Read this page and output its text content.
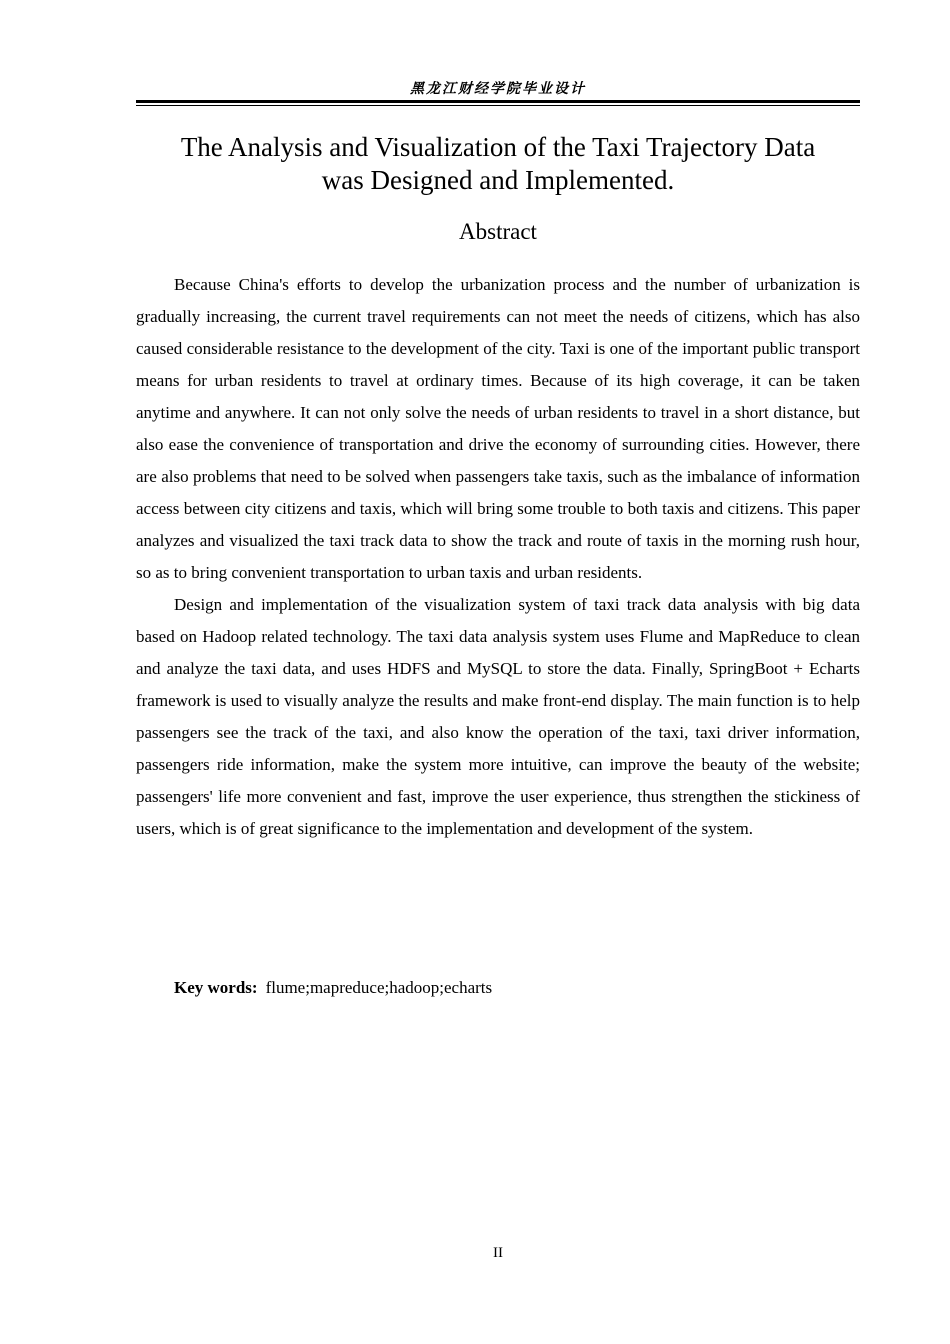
黑龙江财经学院毕业设计
The Analysis and Visualization of the Taxi Trajectory Data
was Designed and Implemented.
Abstract

Because China's efforts to develop the urbanization process and the number of urbanization is gradually increasing, the current travel requirements can not meet the needs of citizens, which has also caused considerable resistance to the development of the city. Taxi is one of the important public transport means for urban residents to travel at ordinary times. Because of its high coverage, it can be taken anytime and anywhere. It can not only solve the needs of urban residents to travel in a short distance, but also ease the convenience of transportation and drive the economy of surrounding cities. However, there are also problems that need to be solved when passengers take taxis, such as the imbalance of information access between city citizens and taxis, which will bring some trouble to both taxis and citizens. This paper analyzes and visualized the taxi track data to show the track and route of taxis in the morning rush hour, so as to bring convenient transportation to urban taxis and urban residents.

Design and implementation of the visualization system of taxi track data analysis with big data based on Hadoop related technology. The taxi data analysis system uses Flume and MapReduce to clean and analyze the taxi data, and uses HDFS and MySQL to store the data. Finally, SpringBoot + Echarts framework is used to visually analyze the results and make front-end display. The main function is to help passengers see the track of the taxi, and also know the operation of the taxi, taxi driver information, passengers ride information, make the system more intuitive, can improve the beauty of the website; passengers' life more convenient and fast, improve the user experience, thus strengthen the stickiness of users, which is of great significance to the implementation and development of the system.

Key words: flume;mapreduce;hadoop;echarts
II
